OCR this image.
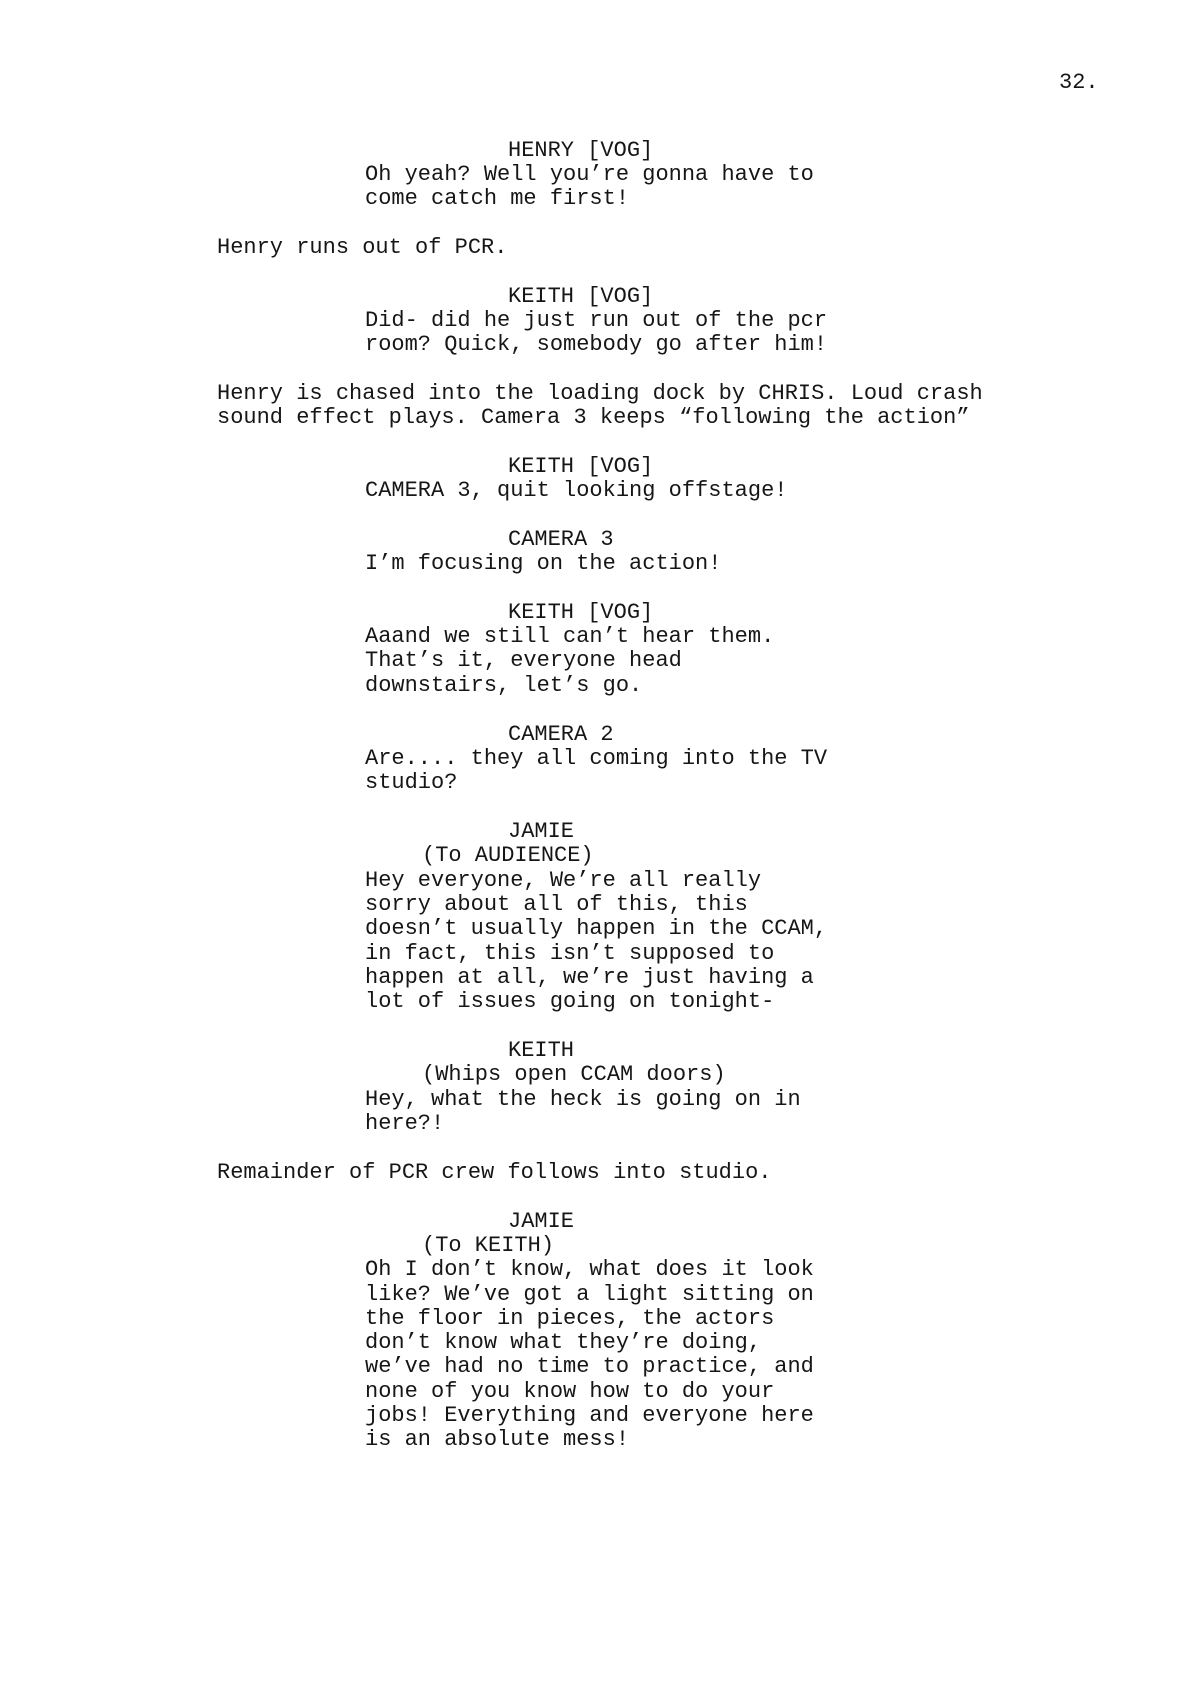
32.
HENRY [VOG]
Oh yeah? Well you’re gonna have to
come catch me first!
Henry runs out of PCR.
KEITH [VOG]
Did- did he just run out of the pcr
room? Quick, somebody go after him!
Henry is chased into the loading dock by CHRIS. Loud crash
sound effect plays. Camera 3 keeps “following the action”
KEITH [VOG]
CAMERA 3, quit looking offstage!
CAMERA 3
I’m focusing on the action!
KEITH [VOG]
Aaand we still can’t hear them.
That’s it, everyone head
downstairs, let’s go.
CAMERA 2
Are.... they all coming into the TV
studio?
JAMIE
(To AUDIENCE)
Hey everyone, We’re all really
sorry about all of this, this
doesn’t usually happen in the CCAM,
in fact, this isn’t supposed to
happen at all, we’re just having a
lot of issues going on tonight-
KEITH
(Whips open CCAM doors)
Hey, what the heck is going on in
here?!
Remainder of PCR crew follows into studio.
JAMIE
(To KEITH)
Oh I don’t know, what does it look
like? We’ve got a light sitting on
the floor in pieces, the actors
don’t know what they’re doing,
we’ve had no time to practice, and
none of you know how to do your
jobs! Everything and everyone here
is an absolute mess!
